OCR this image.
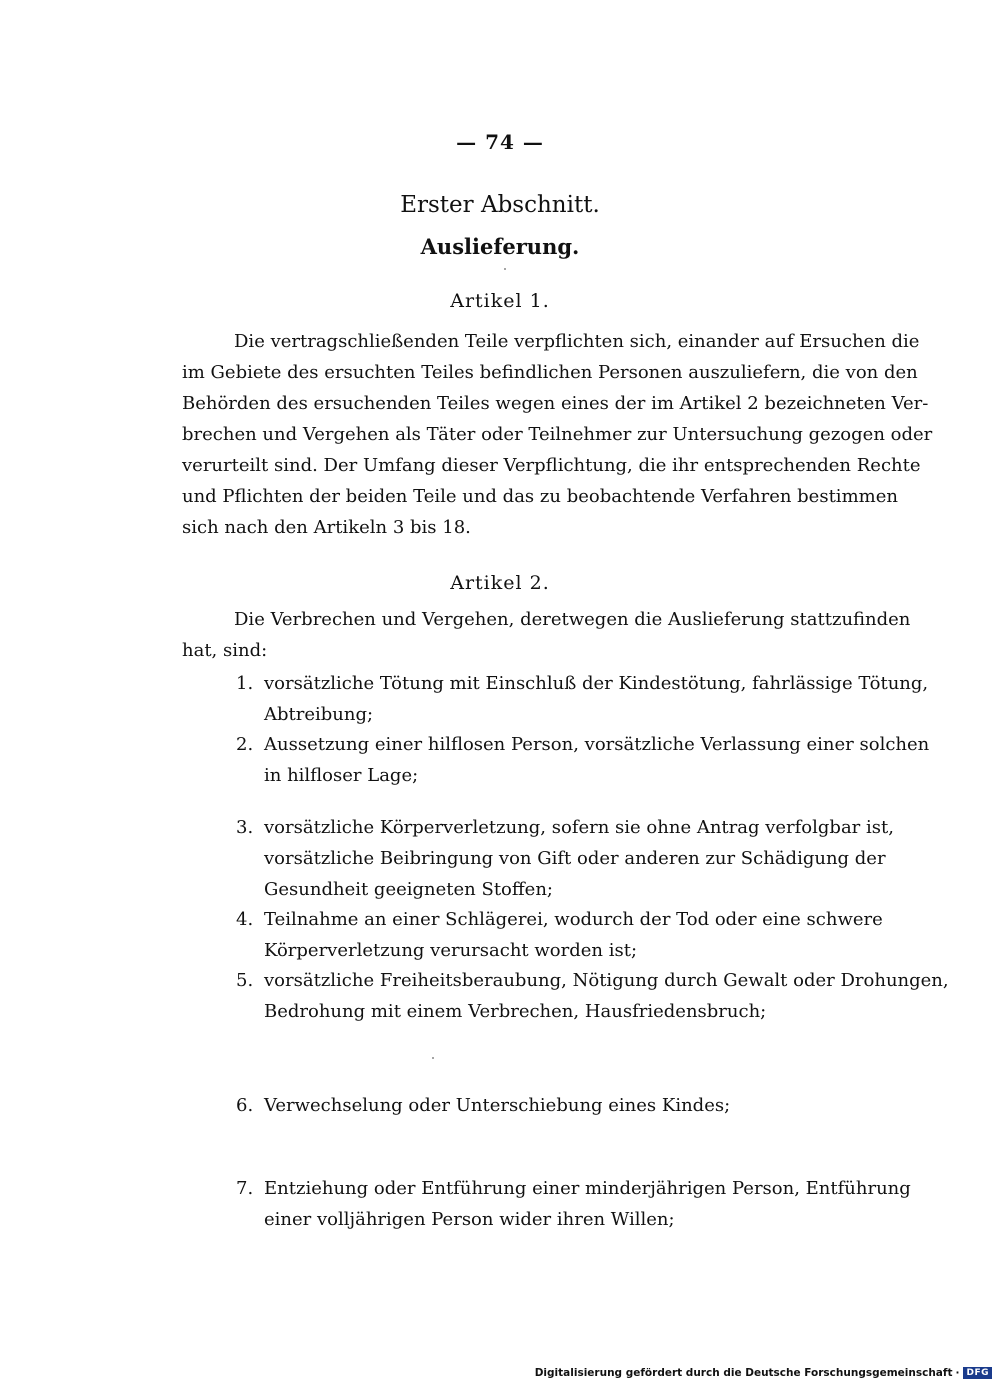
— 74 —
Erster Abschnitt.
Auslieferung.
Artikel 1.
Die vertragschließenden Teile verpflichten sich, einander auf Ersuchen die
im Gebiete des ersuchten Teiles befindlichen Personen auszuliefern, die von den
Behörden des ersuchenden Teiles wegen eines der im Artikel 2 bezeichneten Ver-
brechen und Vergehen als Täter oder Teilnehmer zur Untersuchung gezogen oder
verurteilt sind. Der Umfang dieser Verpflichtung, die ihr entsprechenden Rechte
und Pflichten der beiden Teile und das zu beobachtende Verfahren bestimmen
sich nach den Artikeln 3 bis 18.
Artikel 2.
Die Verbrechen und Vergehen, deretwegen die Auslieferung stattzufinden
hat, sind:
1. vorsätzliche Tötung mit Einschluß der Kindestötung, fahrlässige Tötung,
Abtreibung;
2. Aussetzung einer hilflosen Person, vorsätzliche Verlassung einer solchen
in hilfloser Lage;
3. vorsätzliche Körperverletzung, sofern sie ohne Antrag verfolgbar ist,
vorsätzliche Beibringung von Gift oder anderen zur Schädigung der
Gesundheit geeigneten Stoffen;
4. Teilnahme an einer Schlägerei, wodurch der Tod oder eine schwere
Körperverletzung verursacht worden ist;
5. vorsätzliche Freiheitsberaubung, Nötigung durch Gewalt oder Drohungen,
Bedrohung mit einem Verbrechen, Hausfriedensbruch;
6. Verwechselung oder Unterschiebung eines Kindes;
7. Entziehung oder Entführung einer minderjährigen Person, Entführung
einer volljährigen Person wider ihren Willen;
Digitalisierung gefördert durch die Deutsche Forschungsgemeinschaft · DFG
